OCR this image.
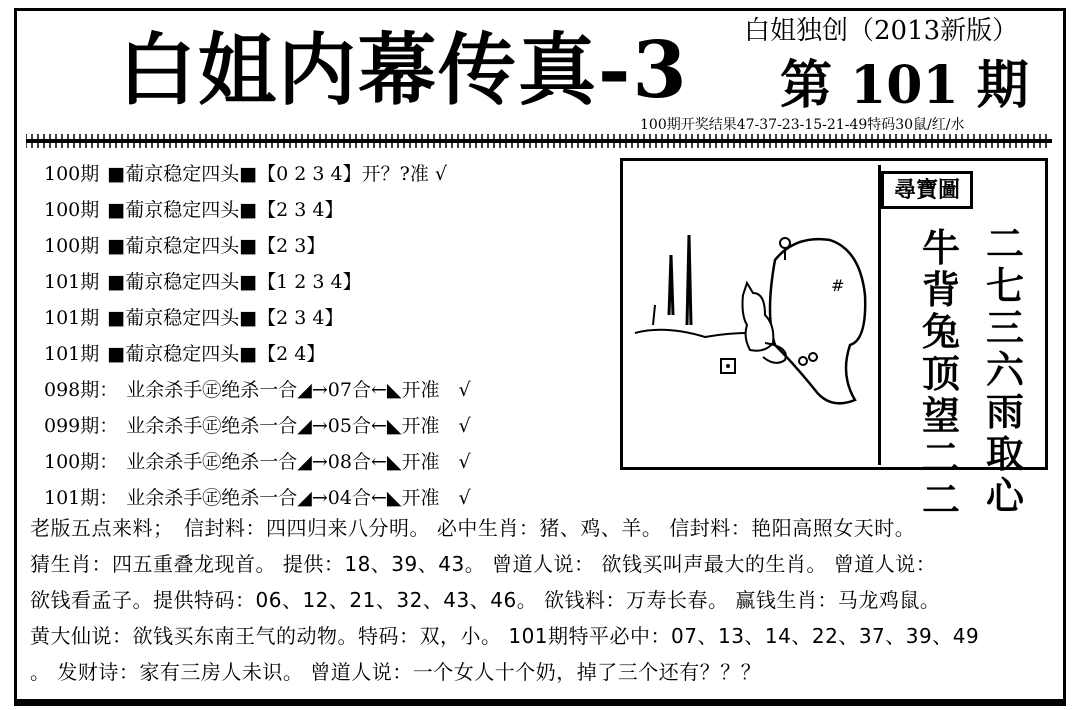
白姐内幕传真-3 白姐独创（2013新版）
第 101 期
100期开奖结果47-37-23-15-21-49特码30鼠/红/水
100期 ■葡京稳定四头■【0 2 3 4】开？?准 √
100期 ■葡京稳定四头■【2 3 4】
100期 ■葡京稳定四头■【2 3】
101期 ■葡京稳定四头■【1 2 3 4】
101期 ■葡京稳定四头■【2 3 4】
101期 ■葡京稳定四头■【2 4】
098期： 业余杀手㊣绝杀一合◢→07合←◣开准　√
099期： 业余杀手㊣绝杀一合◢→05合←◣开准　√
100期： 业余杀手㊣绝杀一合◢→08合←◣开准　√
101期： 业余杀手㊣绝杀一合◢→04合←◣开准　√
#
尋寶圖
牛
背
兔
顶
望
二
二
二
七
三
六
雨
取
心

老版五点来料；　信封料：四四归来八分明。 必中生肖：猪、鸡、羊。 信封料：艳阳高照女天时。

猜生肖：四五重叠龙现首。 提供：18、39、43。 曾道人说： 欲钱买叫声最大的生肖。 曾道人说：

欲钱看孟子。提供特码：06、12、21、32、43、46。 欲钱料：万寿长春。 赢钱生肖：马龙鸡鼠。

黄大仙说：欲钱买东南王气的动物。特码：双，小。 101期特平必中：07、13、14、22、37、39、49

。 发财诗：家有三房人未识。 曾道人说：一个女人十个奶，掉了三个还有？？？
